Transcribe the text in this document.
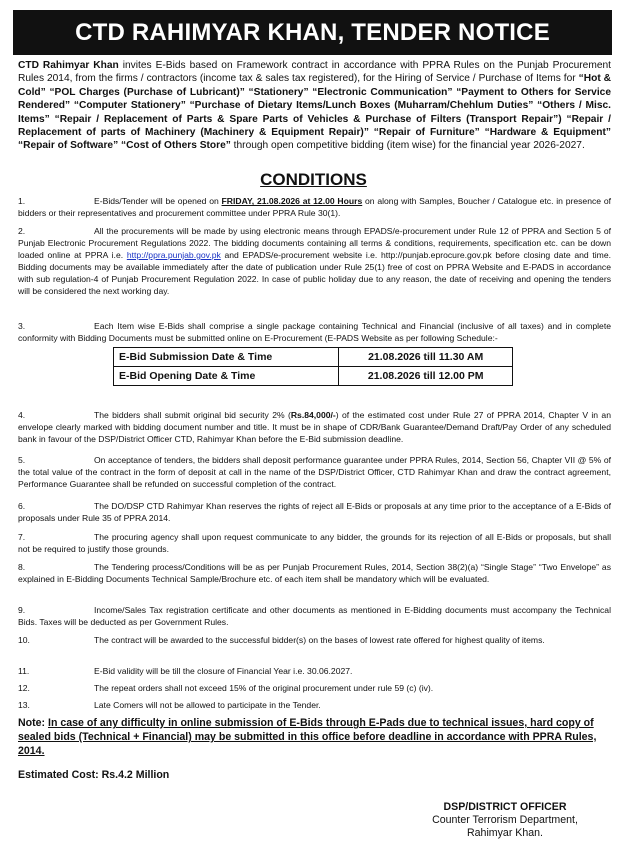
CTD RAHIMYAR KHAN, TENDER NOTICE
CTD Rahimyar Khan invites E-Bids based on Framework contract in accordance with PPRA Rules on the Punjab Procurement Rules 2014, from the firms / contractors (income tax & sales tax registered), for the Hiring of Service / Purchase of Items for “Hot & Cold” “POL Charges (Purchase of Lubricant)” “Stationery” “Electronic Communication” “Payment to Others for Service Rendered” “Computer Stationery” “Purchase of Dietary Items/Lunch Boxes (Muharram/Chehlum Duties” “Others / Misc. Items” “Repair / Replacement of Parts & Spare Parts of Vehicles & Purchase of Filters (Transport Repair”) “Repair / Replacement of parts of Machinery (Machinery & Equipment Repair)” “Repair of Furniture” “Hardware & Equipment” “Repair of Software” “Cost of Others Store” through open competitive bidding (item wise) for the financial year 2026-2027.
CONDITIONS
1.	E-Bids/Tender will be opened on FRIDAY, 21.08.2026 at 12.00 Hours on along with Samples, Boucher / Catalogue etc. in presence of bidders or their representatives and procurement committee under PPRA Rule 30(1).
2.	All the procurements will be made by using electronic means through EPADS/e-procurement under Rule 12 of PPRA and Section 5 of Punjab Electronic Procurement Regulations 2022. The bidding documents containing all terms & conditions, requirements, specification etc. can be down loaded online at PPRA i.e. http://ppra.punjab.gov.pk and EPADS/e-procurement website i.e. http://punjab.eprocure.gov.pk before closing date and time. Bidding documents may be available immediately after the date of publication under Rule 25(1) free of cost on PPRA Website and E-PADS in accordance with sub regulation-4 of Punjab Procurement Regulation 2022. In case of public holiday due to any reason, the date of receiving and opening the tenders will be considered the next working day.
3.	Each Item wise E-Bids shall comprise a single package containing Technical and Financial (inclusive of all taxes) and in complete conformity with Bidding Documents must be submitted online on E-Procurement (E-PADS Website as per following Schedule:-
E-Bid Submission Date & Time	21.08.2026 till 11.30 AM
E-Bid Opening Date & Time	21.08.2026 till 12.00 PM
4.	The bidders shall submit original bid security 2% (Rs.84,000/-) of the estimated cost under Rule 27 of PPRA 2014, Chapter V in an envelope clearly marked with bidding document number and title. It must be in shape of CDR/Bank Guarantee/Demand Draft/Pay Order of any scheduled bank in favour of the DSP/District Officer CTD, Rahimyar Khan before the E-Bid submission deadline.
5.	On acceptance of tenders, the bidders shall deposit performance guarantee under PPRA Rules, 2014, Section 56, Chapter VII @ 5% of the total value of the contract in the form of deposit at call in the name of the DSP/District Officer, CTD Rahimyar Khan and draw the contract agreement, Performance Guarantee shall be refunded on successful completion of the contract.
6.	The DO/DSP CTD Rahimyar Khan reserves the rights of reject all E-Bids or proposals at any time prior to the acceptance of a E-Bids of proposals under Rule 35 of PPRA 2014.
7.	The procuring agency shall upon request communicate to any bidder, the grounds for its rejection of all E-Bids or proposals, but shall not be required to justify those grounds.
8.	The Tendering process/Conditions will be as per Punjab Procurement Rules, 2014, Section 38(2)(a) “Single Stage” “Two Envelope” as explained in E-Bidding Documents Technical Sample/Brochure etc. of each item shall be mandatory which will be evaluated.
9.	Income/Sales Tax registration certificate and other documents as mentioned in E-Bidding documents must accompany the Technical Bids. Taxes will be deducted as per Government Rules.
10.	The contract will be awarded to the successful bidder(s) on the bases of lowest rate offered for highest quality of items.
11.	E-Bid validity will be till the closure of Financial Year i.e. 30.06.2027.
12.	The repeat orders shall not exceed 15% of the original procurement under rule 59 (c) (iv).
13.	Late Comers will not be allowed to participate in the Tender.
Note: In case of any difficulty in online submission of E-Bids through E-Pads due to technical issues, hard copy of sealed bids (Technical + Financial) may be submitted in this office before deadline in accordance with PPRA Rules, 2014.
Estimated Cost: Rs.4.2 Million
DSP/DISTRICT OFFICER
Counter Terrorism Department,
Rahimyar Khan.
